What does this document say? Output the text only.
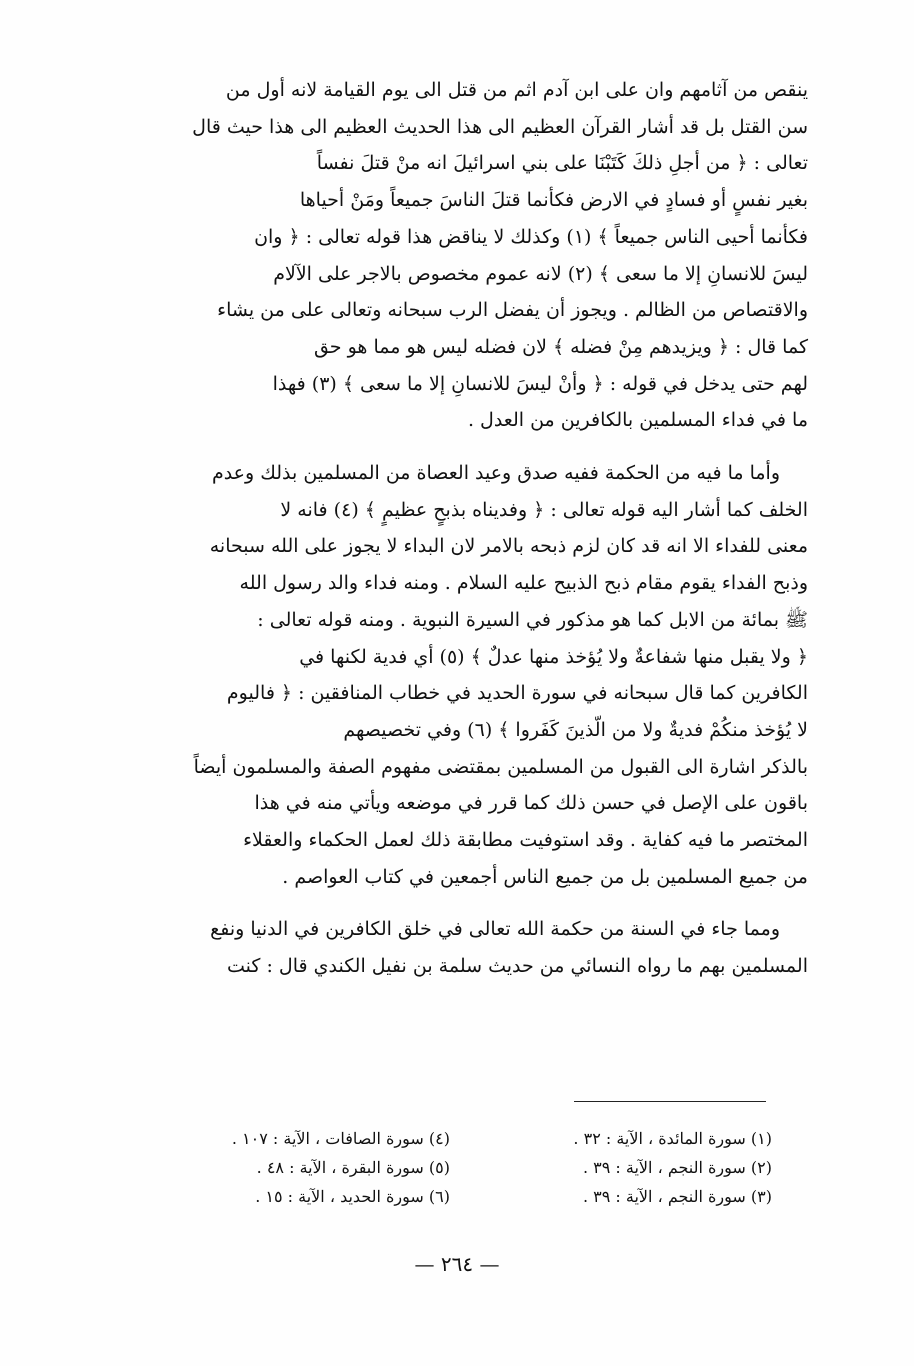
ينقص من آثامهم وان على ابن آدم اثم من قتل الى يوم القيامة لانه أول من

سن القتل بل قد أشار القرآن العظيم الى هذا الحديث العظيم الى هذا حيث قال

تعالى : ﴿ من أجلِ ذلكَ كَتَبْنَا على بني اسرائيلَ انه منْ قتلَ نفساً

بغير نفسٍ أو فسادٍ في الارض فكأنما قتلَ الناسَ جميعاً ومَنْ أحياها

فكأنما أحيى الناس جميعاً ﴾ (١) وكذلك لا يناقض هذا قوله تعالى : ﴿ وان

ليسَ للانسانِ إلا ما سعى ﴾ (٢) لانه عموم مخصوص بالاجر على الآلام

والاقتصاص من الظالم . ويجوز أن يفضل الرب سبحانه وتعالى على من يشاء

كما قال : ﴿ ويزيدهم مِنْ فضله ﴾ لان فضله ليس هو مما هو حق

لهم حتى يدخل في قوله : ﴿ وأنْ ليسَ للانسانِ إلا ما سعى ﴾ (٣) فهذا

ما في فداء المسلمين بالكافرين من العدل .

وأما ما فيه من الحكمة ففيه صدق وعيد العصاة من المسلمين بذلك وعدم

الخلف كما أشار اليه قوله تعالى : ﴿ وفديناه بذبحٍ عظيمٍ ﴾ (٤) فانه لا

معنى للفداء الا انه قد كان لزم ذبحه بالامر لان البداء لا يجوز على الله سبحانه

وذبح الفداء يقوم مقام ذبح الذبيح عليه السلام . ومنه فداء والد رسول الله

ﷺ بمائة من الابل كما هو مذكور في السيرة النبوية . ومنه قوله تعالى :

﴿ ولا يقبل منها شفاعةٌ ولا يُؤخذ منها عدلٌ ﴾ (٥) أي فدية لكنها في

الكافرين كما قال سبحانه في سورة الحديد في خطاب المنافقين : ﴿ فاليوم

لا يُؤخذ منكُمْ فديةٌ ولا من الّذينَ كَفَروا ﴾ (٦) وفي تخصيصهم

بالذكر اشارة الى القبول من المسلمين بمقتضى مفهوم الصفة والمسلمون أيضاً

باقون على الإصل في حسن ذلك كما قرر في موضعه ويأتي منه في هذا

المختصر ما فيه كفاية . وقد استوفيت مطابقة ذلك لعمل الحكماء والعقلاء

من جميع المسلمين بل من جميع الناس أجمعين في كتاب العواصم .

ومما جاء في السنة من حكمة الله تعالى في خلق الكافرين في الدنيا ونفع

المسلمين بهم ما رواه النسائي من حديث سلمة بن نفيل الكندي قال : كنت

(١) سورة المائدة ، الآية : ٣٢ .
(٢) سورة النجم ، الآية : ٣٩ .
(٣) سورة النجم ، الآية : ٣٩ .
(٤) سورة الصافات ، الآية : ١٠٧ .
(٥) سورة البقرة ، الآية : ٤٨ .
(٦) سورة الحديد ، الآية : ١٥ .
— ٢٦٤ —
